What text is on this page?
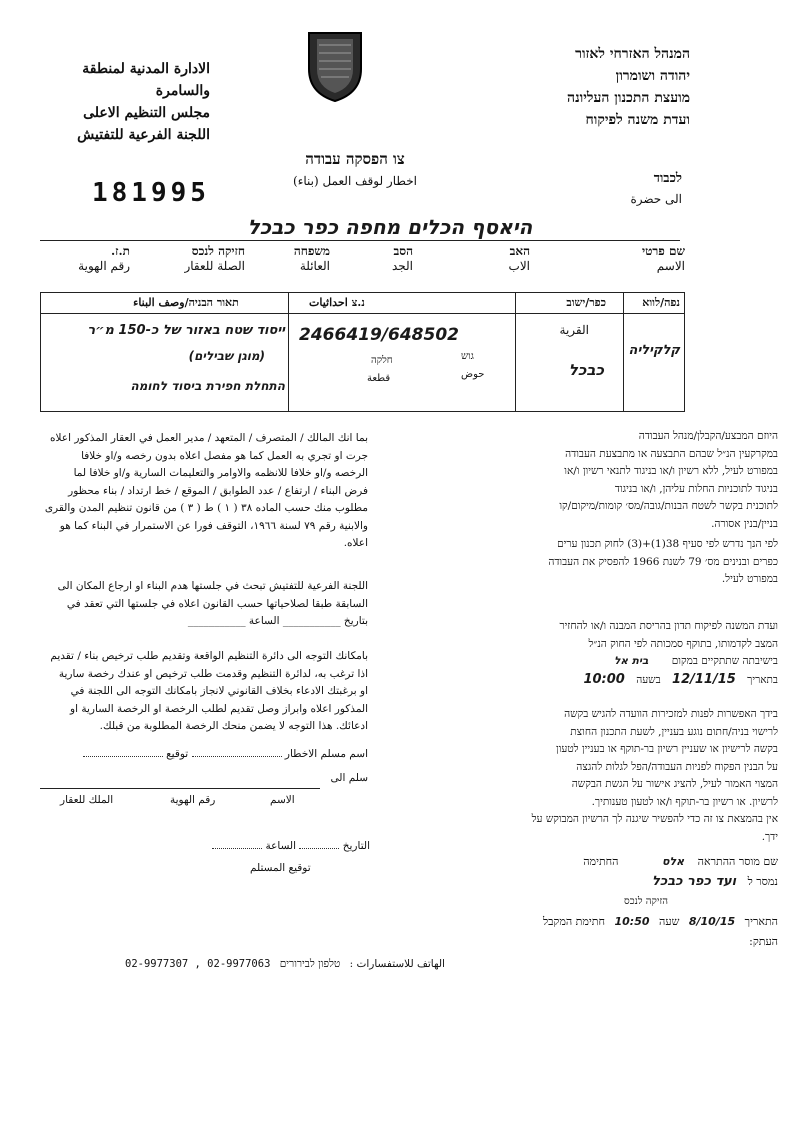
המנהל האזרחי לאזור
יהודה ושומרון
מועצת התכנון העליונה
ועדת משנה לפיקוח
الادارة المدنية لمنطقة
والسامرة
مجلس التنظيم الاعلى
اللجنة الفرعية للتفتيش
צו הפסקה עבודה
اخطار لوقف العمل (بناء)
181995	לכבוד
الى حضرة
היאסף הכלים מחפה כפר כבכל
שם פרטי
الاسم
האב
الاب
הסב
الجد
משפחה
العائلة
חזיקה לנכס
الصلة للعقار
ת.ז.
رقم الهوية
נפה/לווא
קלקיליה
כפר/ישוב
القرية
כבכל
נ.צ احداثيات
2466419/648502
גוש
حوض
חלקה
قطعة
תאור הבניה/وصف البناء
ייסוד שטח באזור של כ-150 מ״ר
(מוגן שבילים)
התחלת חפירת ביסוד לחומה
היוזם המבצע/הקבלן/מנהל העבודה
במקרקעין הנ״ל שבהם התבצעה או מתבצעת העבודה
במפורט לעיל, ללא רשיון ו/או בניגוד לתנאי רשיון ו/או
בניגוד לתוכניות החלות עליהן, ו/או בניגוד
לתוכנית בקשר לשטח הבנות/גובה/מס׳ קומות/מיקום/קו
בניין/בנין אסורה.
לפי הנך נדרש לפי סעיף 38(1)+(3) לחוק תכנון ערים
כפרים ובנינים מס׳ 79 לשנת 1966 להפסיק את העבודה
במפורט לעיל.
ועדת המשנה לפיקוח תדון בהריסת המבנה ו/או להחזיר
המצב לקדמותו, בתוקף סמכותה לפי החוק הנ״ל
בישיבתה שתתקיים במקום בית אל
בתאריך 12/11/15 בשעה 10:00
בידך האפשרות לפנות למזכירות הוועדה להגיש בקשה
לרישוי בניה/חתום נוגע בעניין, לשעת התכנון החוצת
בקשה לרישיון או שעניין רשיון בר-תוקף או בעניין לטעון
על הבנין הפקוח לפניות העבודה/הפל לגלות להגצה
המצוי האמור לעיל, להציג אישור על הגשת הבקשה
לרשיון. או רשיון בר-תוקף ו/או לטעון טענותיך.
אין בהמצאת צו זה כדי להפשיר שיגנה לך הרשיון המבוקש על
ידך.
שם מוסר ההתראה אלס החתימה
נמסר ל ועד כפר כבכל
הזיקה לנכס
התאריך 8/10/15 שעה 10:50 חתימת המקבל
העתק:
بما انك المالك / المتصرف / المتعهد / مدير العمل في العقار المذكور اعلاه
جرت او تجري به العمل كما هو مفصل اعلاه بدون رخصه و/او خلافا
الرخصه و/او خلافا للانظمه والاوامر والتعليمات السارية و/او خلافا لما
فرض البناء / ارتفاع / عدد الطوابق / الموقع / خط ارتداد / بناء محظور
مطلوب منك حسب الماده ٣٨ ( ١ ) ط ( ٣ ) من قانون تنظيم المدن والقرى
والابنية رقم ٧٩ لسنة ١٩٦٦، التوقف فورا عن الاستمرار في البناء كما هو
اعلاه.
اللجنة الفرعية للتفتيش تبحث في جلستها هدم البناء او ارجاع المكان الى
السابقة طبقا لصلاحياتها حسب القانون اعلاه في جلستها التي تعقد في
بتاريخ ___________ الساعة ___________
بامكانك التوجه الى دائرة التنظيم الواقعة وتقديم طلب ترخيص بناء / تقديم
اذا ترغب به، لدائرة التنظيم وقدمت طلب ترخيص او عندك رخصة سارية
او برغبتك الادعاء بخلاف القانوني لانجاز بامكانك التوجه الى اللجنة في
المذكور اعلاه وابراز وصل تقديم لطلب الرخصة او الرخصة السارية او
ادعائك. هذا التوجه لا يضمن منحك الرخصة المطلوبة من قبلك.
اسم مسلم الاخطار  توقيع
سلم الى
الاسم
رقم الهوية
الملك للعقار
التاريخ  الساعة
توقيع المستلم
02-9977307 , 02-9977063	الهاتف للاستفسارات : טלפון לבירורים
